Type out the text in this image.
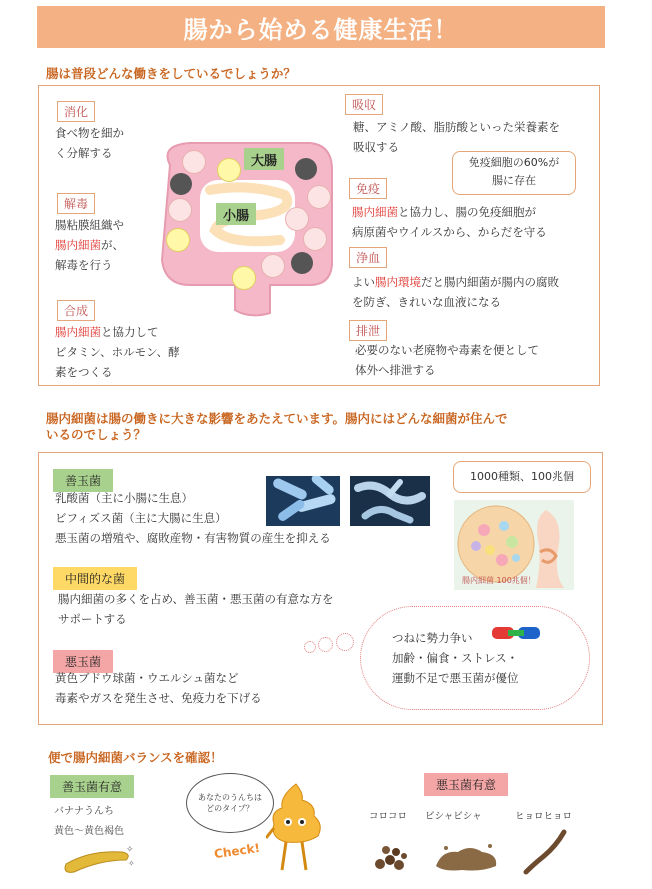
腸から始める健康生活！
腸は普段どんな働きをしているでしょうか？
大腸
小腸
消化
食べ物を細か
く分解する
解毒
腸粘膜組織や
腸内細菌が、
解毒を行う
合成
腸内細菌と協力して
ビタミン、ホルモン、酵
素をつくる
吸収
糖、アミノ酸、脂肪酸といった栄養素を
吸収する
免疫細胞の60%が
腸に存在
免疫
腸内細菌と協力し、腸の免疫細胞が
病原菌やウイルスから、からだを守る
浄血
よい腸内環境だと腸内細菌が腸内の腐敗
を防ぎ、きれいな血液になる
排泄
必要のない老廃物や毒素を便として
体外へ排泄する
腸内細菌は腸の働きに大きな影響をあたえています。腸内にはどんな細菌が住んで
いるのでしょう？
善玉菌
乳酸菌（主に小腸に生息）
ビフィズス菌（主に大腸に生息）
悪玉菌の増殖や、腐敗産物・有害物質の産生を抑える
1000種類、100兆個
腸内細菌 100兆個！
中間的な菌
腸内細菌の多くを占め、善玉菌・悪玉菌の有意な方を
サポートする
悪玉菌
黄色ブドウ球菌・ウエルシュ菌など
毒素やガスを発生させ、免疫力を下げる
つねに勢力争い
加齢・偏食・ストレス・
運動不足で悪玉菌が優位
便で腸内細菌バランスを確認！
善玉菌有意
バナナうんち
黄色～黄色褐色
✧
✧
あなたのうんちは
どのタイプ？
Check!
悪玉菌有意
コロコロ ビシャビシャ	ヒョロヒョロ
